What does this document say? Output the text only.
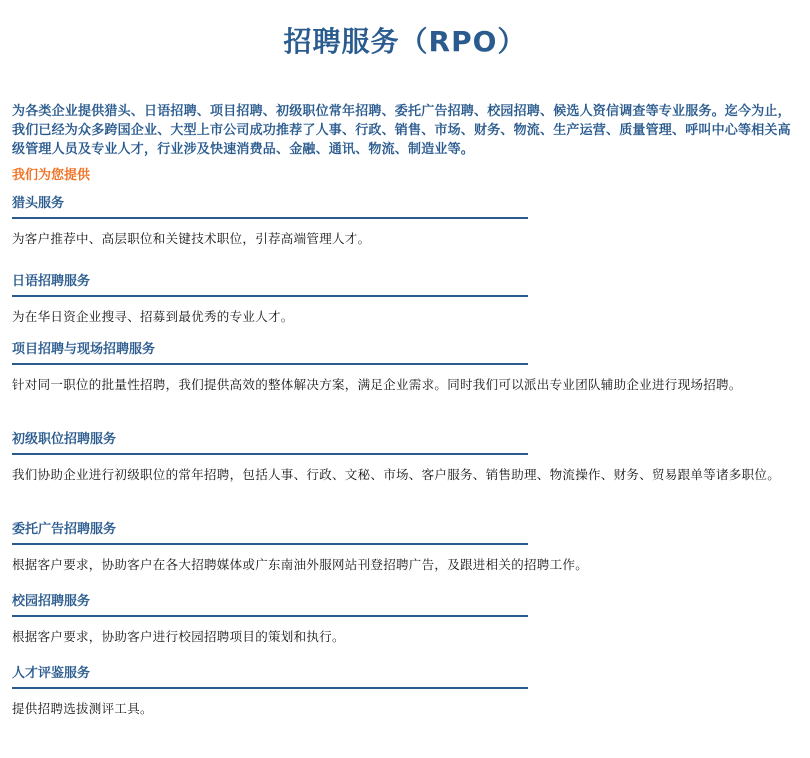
招聘服务（RPO）
为各类企业提供猎头、日语招聘、项目招聘、初级职位常年招聘、委托广告招聘、校园招聘、候选人资信调查等专业服务。迄今为止，我们已经为众多跨国企业、大型上市公司成功推荐了人事、行政、销售、市场、财务、物流、生产运营、质量管理、呼叫中心等相关高级管理人员及专业人才，行业涉及快速消费品、金融、通讯、物流、制造业等。
我们为您提供
猎头服务
为客户推荐中、高层职位和关键技术职位，引荐高端管理人才。
日语招聘服务
为在华日资企业搜寻、招募到最优秀的专业人才。
项目招聘与现场招聘服务
针对同一职位的批量性招聘，我们提供高效的整体解决方案，满足企业需求。同时我们可以派出专业团队辅助企业进行现场招聘。
初级职位招聘服务
我们协助企业进行初级职位的常年招聘，包括人事、行政、文秘、市场、客户服务、销售助理、物流操作、财务、贸易跟单等诸多职位。
委托广告招聘服务
根据客户要求，协助客户在各大招聘媒体或广东南油外服网站刊登招聘广告，及跟进相关的招聘工作。
校园招聘服务
根据客户要求，协助客户进行校园招聘项目的策划和执行。
人才评鉴服务
提供招聘选拔测评工具。
